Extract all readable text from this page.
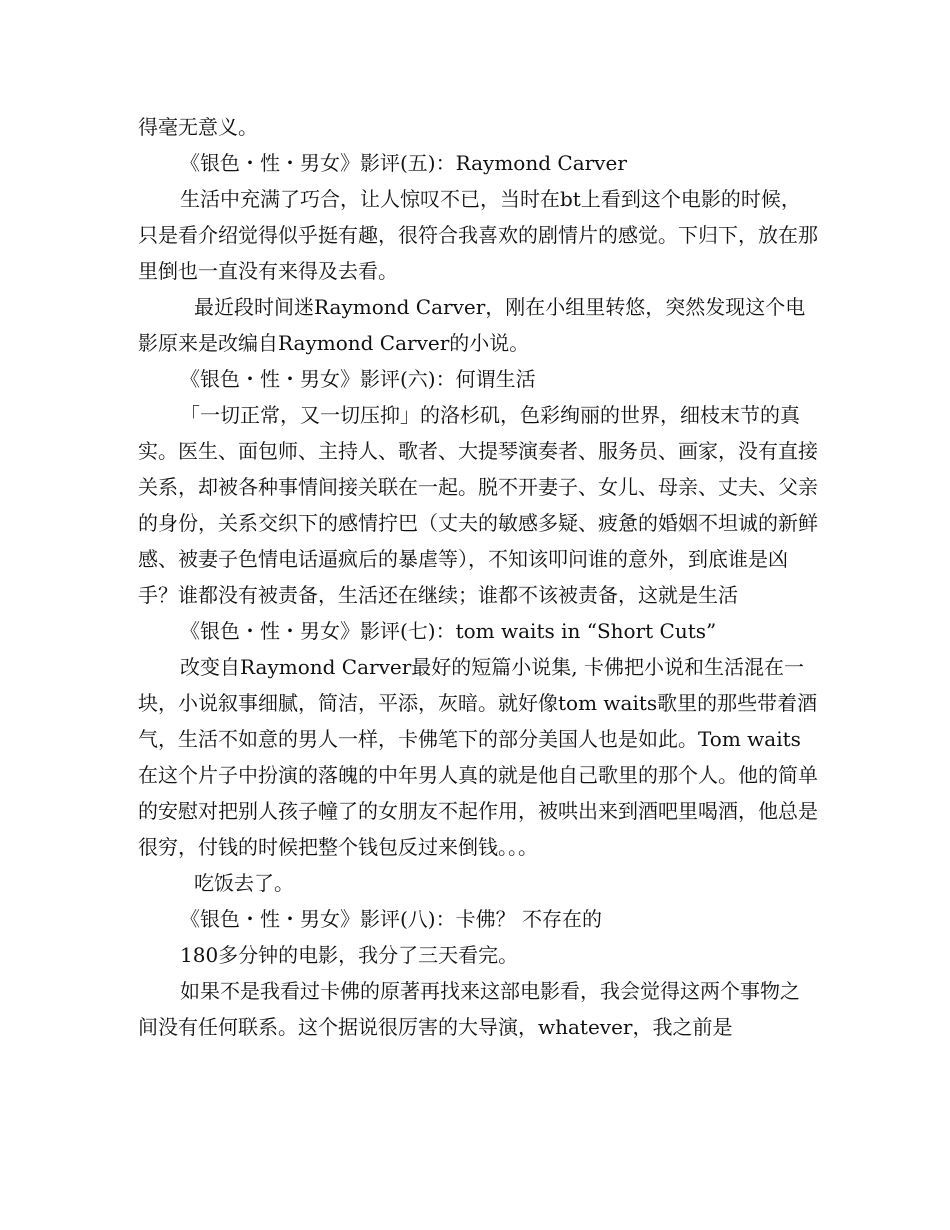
得毫无意义。

《银色・性・男女》影评(五)：Raymond Carver

生活中充满了巧合，让人惊叹不已，当时在bt上看到这个电影的时候，只是看介绍觉得似乎挺有趣，很符合我喜欢的剧情片的感觉。下归下，放在那里倒也一直没有来得及去看。

最近段时间迷Raymond Carver，刚在小组里转悠，突然发现这个电影原来是改编自Raymond Carver的小说。

《银色・性・男女》影评(六)：何谓生活

「一切正常，又一切压抑」的洛杉矶，色彩绚丽的世界，细枝末节的真实。医生、面包师、主持人、歌者、大提琴演奏者、服务员、画家，没有直接关系，却被各种事情间接关联在一起。脱不开妻子、女儿、母亲、丈夫、父亲的身份，关系交织下的感情拧巴（丈夫的敏感多疑、疲惫的婚姻不坦诚的新鲜感、被妻子色情电话逼疯后的暴虐等），不知该叩问谁的意外，到底谁是凶手？谁都没有被责备，生活还在继续；谁都不该被责备，这就是生活

《银色・性・男女》影评(七)：tom waits in “Short Cuts”

改变自Raymond Carver最好的短篇小说集, 卡佛把小说和生活混在一块，小说叙事细腻，简洁，平添，灰暗。就好像tom waits歌里的那些带着酒气，生活不如意的男人一样，卡佛笔下的部分美国人也是如此。Tom waits在这个片子中扮演的落魄的中年男人真的就是他自己歌里的那个人。他的简单的安慰对把别人孩子幢了的女朋友不起作用，被哄出来到酒吧里喝酒，他总是很穷，付钱的时候把整个钱包反过来倒钱。。。

吃饭去了。

《银色・性・男女》影评(八)：卡佛？ 不存在的

180多分钟的电影，我分了三天看完。

如果不是我看过卡佛的原著再找来这部电影看，我会觉得这两个事物之间没有任何联系。这个据说很厉害的大导演，whatever，我之前是
